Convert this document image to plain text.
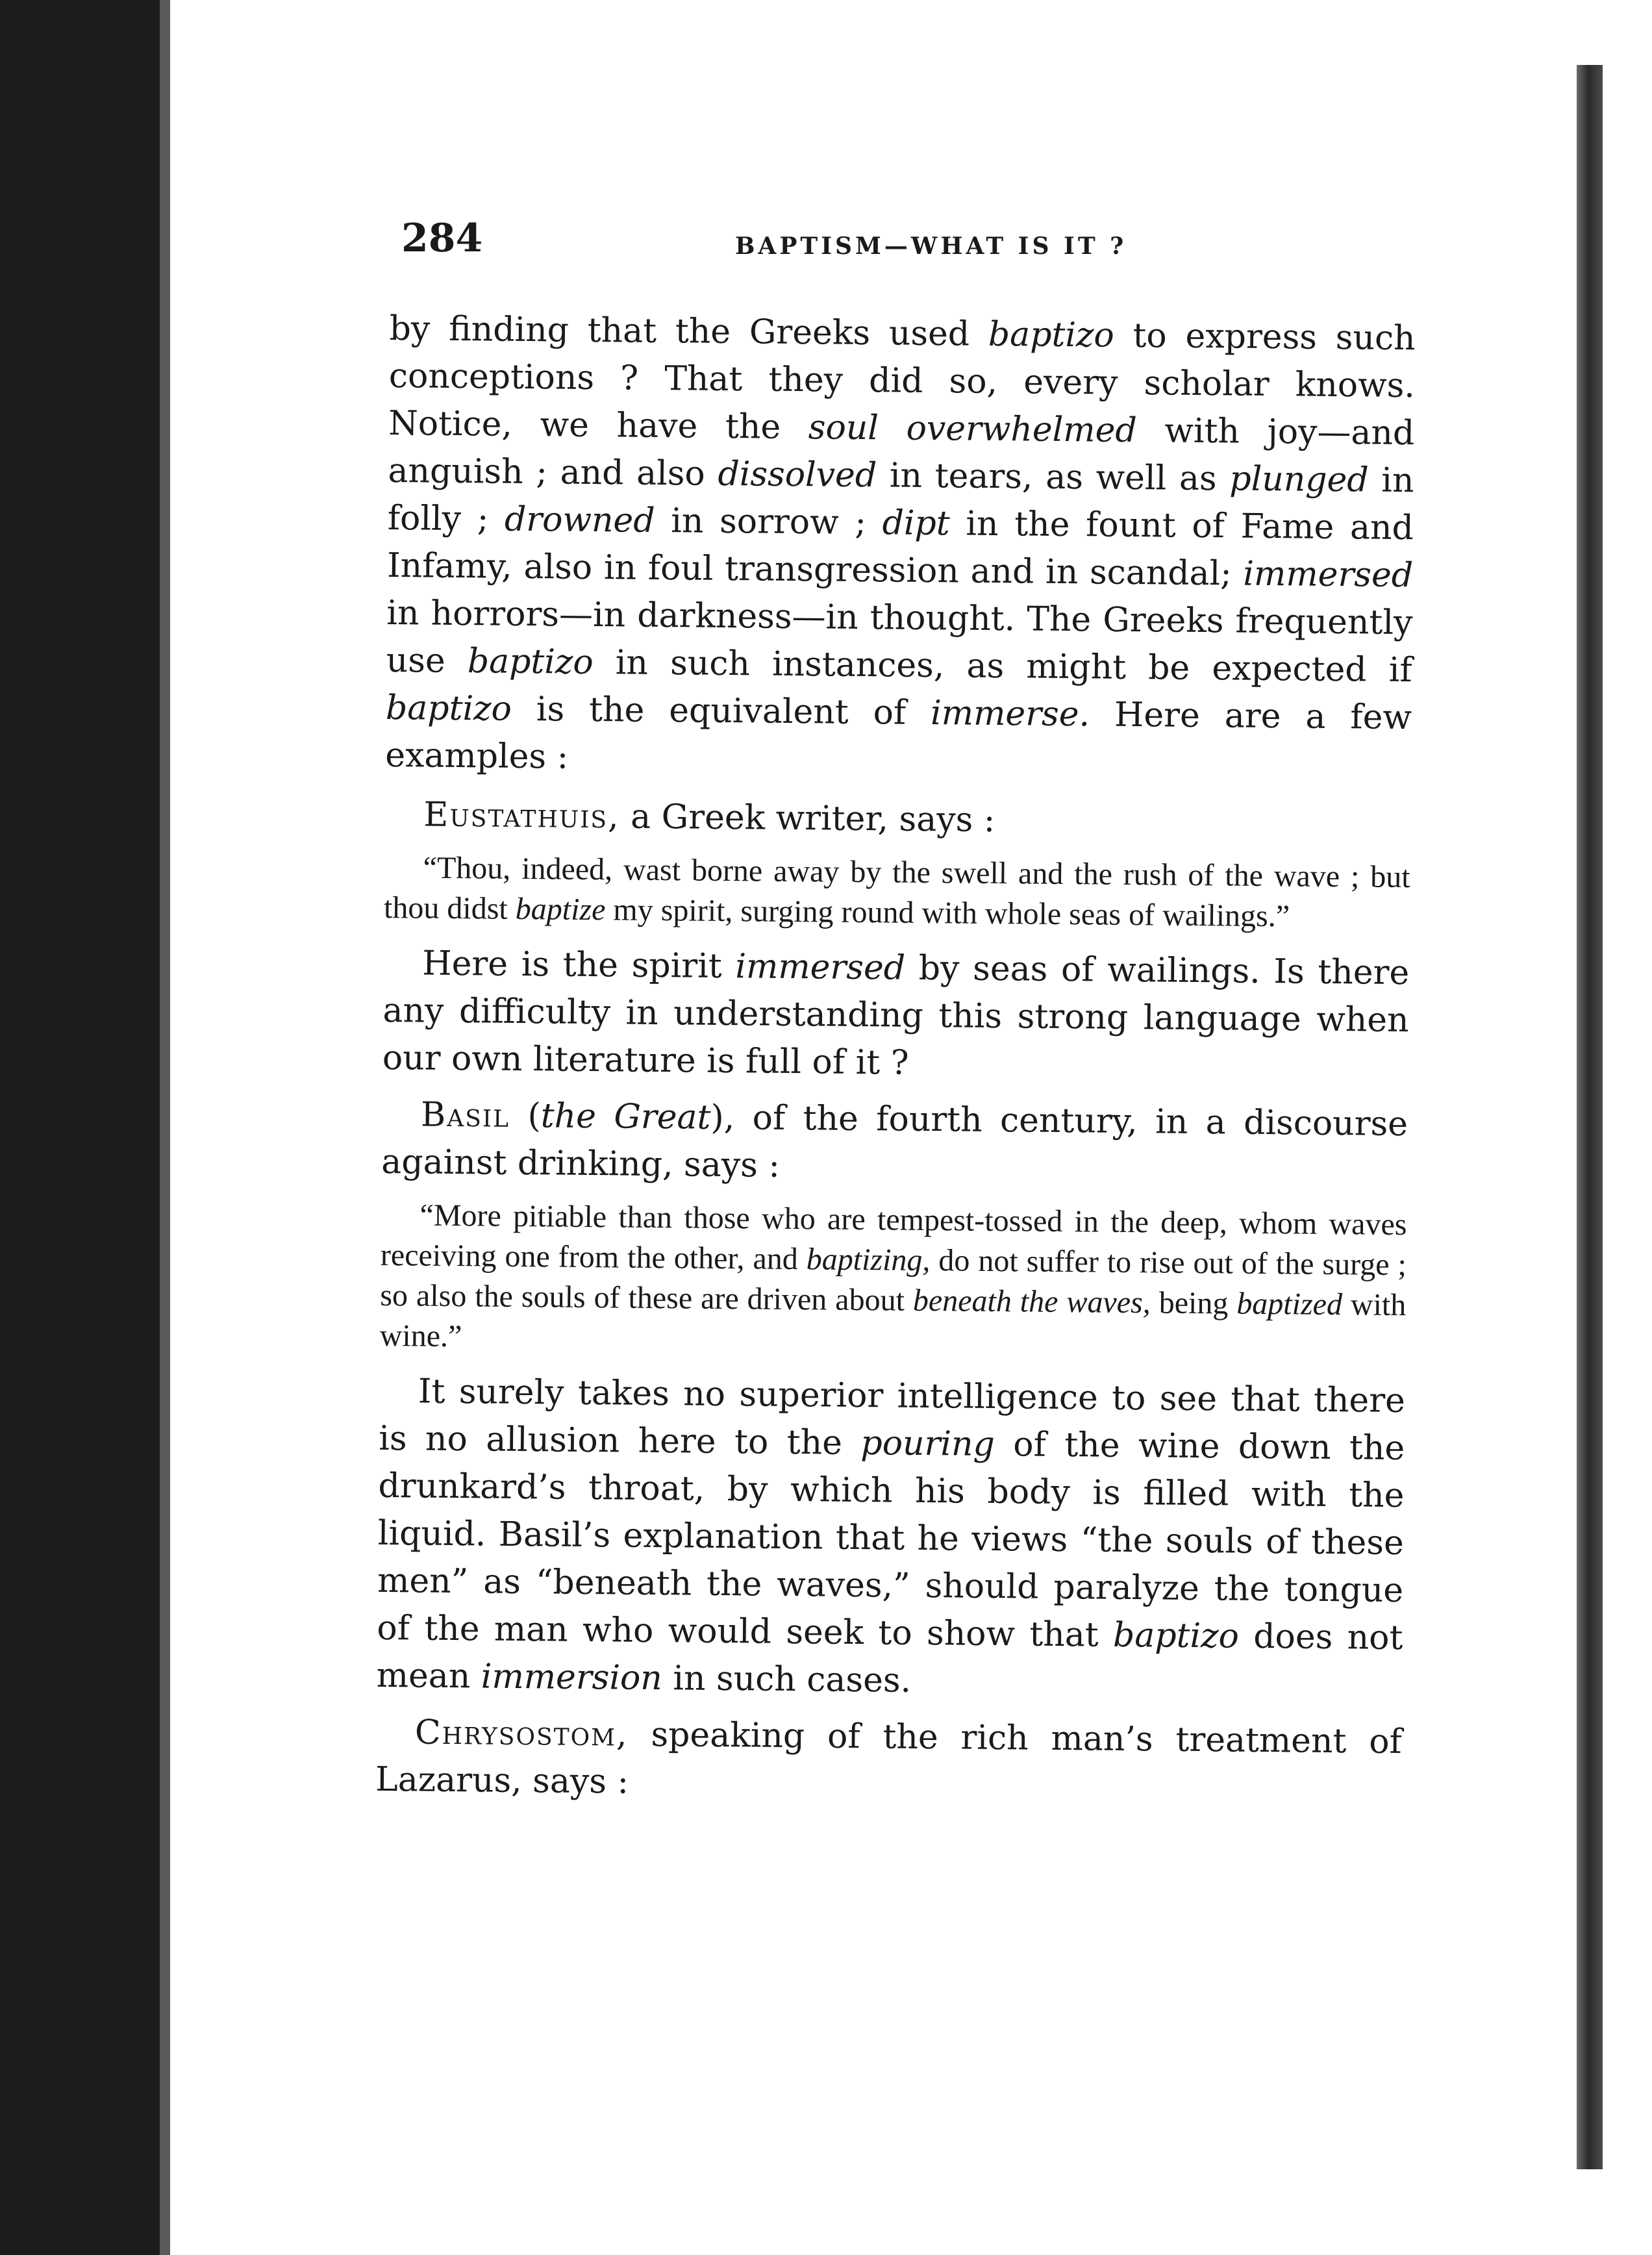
284	BAPTISM—WHAT IS IT ?

by finding that the Greeks used baptizo to express such conceptions ? That they did so, every scholar knows. Notice, we have the soul overwhelmed with joy—and anguish ; and also dissolved in tears, as well as plunged in folly ; drowned in sorrow ; dipt in the fount of Fame and Infamy, also in foul transgression and in scandal; immersed in horrors—in darkness—in thought. The Greeks frequently use baptizo in such instances, as might be expected if baptizo is the equivalent of immerse. Here are a few examples :

Eustathuis, a Greek writer, says :

“Thou, indeed, wast borne away by the swell and the rush of the wave ; but thou didst baptize my spirit, surging round with whole seas of wailings.”

Here is the spirit immersed by seas of wailings. Is there any difficulty in understanding this strong language when our own literature is full of it ?

Basil (the Great), of the fourth century, in a discourse against drinking, says :

“More pitiable than those who are tempest-tossed in the deep, whom waves receiving one from the other, and baptizing, do not suffer to rise out of the surge ; so also the souls of these are driven about beneath the waves, being baptized with wine.”

It surely takes no superior intelligence to see that there is no allusion here to the pouring of the wine down the drunkard’s throat, by which his body is filled with the liquid. Basil’s explanation that he views “the souls of these men” as “beneath the waves,” should paralyze the tongue of the man who would seek to show that baptizo does not mean immersion in such cases.

Chrysostom, speaking of the rich man’s treatment of Lazarus, says :
